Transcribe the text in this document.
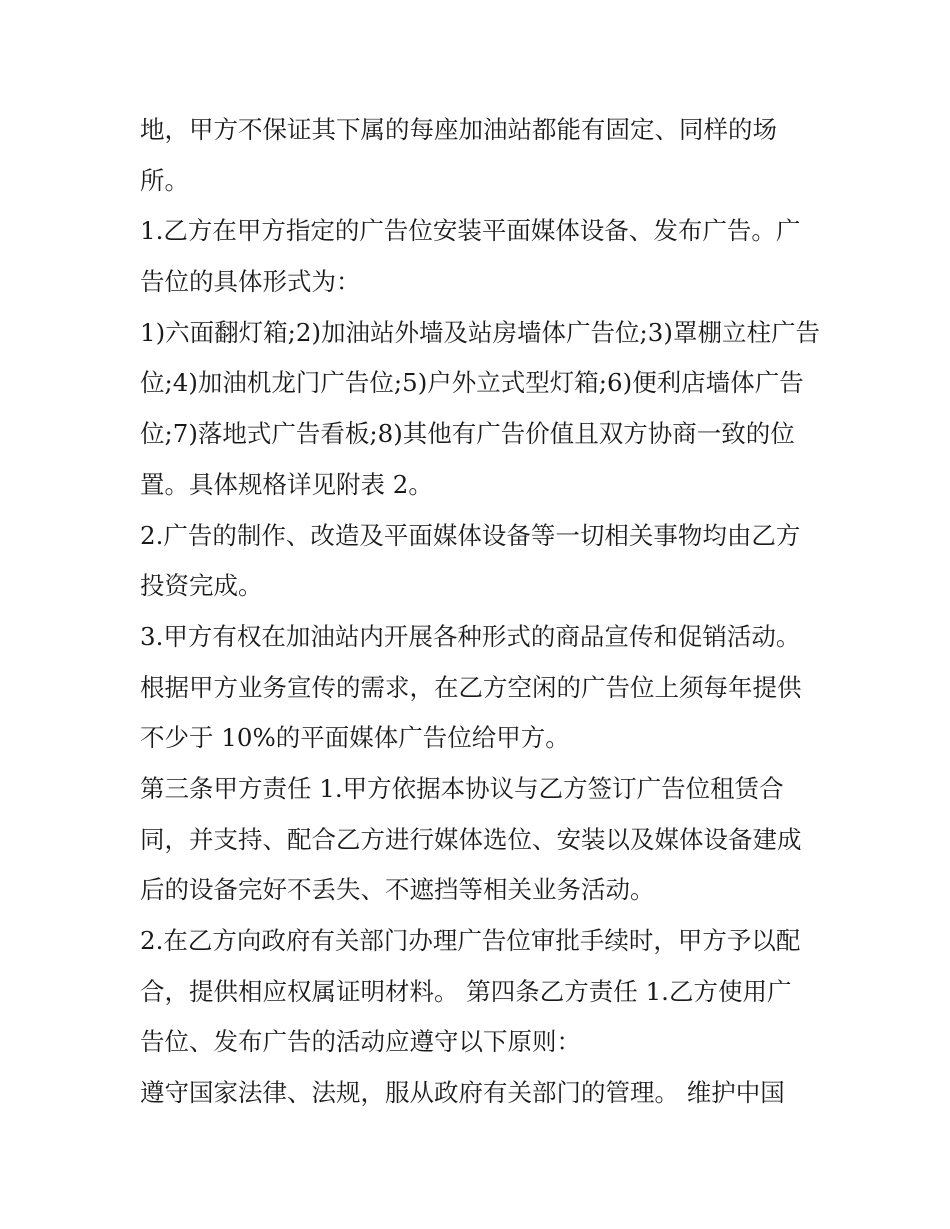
地，甲方不保证其下属的每座加油站都能有固定、同样的场
所。
1.乙方在甲方指定的广告位安装平面媒体设备、发布广告。广
告位的具体形式为：
1)六面翻灯箱;2)加油站外墙及站房墙体广告位;3)罩棚立柱广告
位;4)加油机龙门广告位;5)户外立式型灯箱;6)便利店墙体广告
位;7)落地式广告看板;8)其他有广告价值且双方协商一致的位
置。具体规格详见附表 2。
2.广告的制作、改造及平面媒体设备等一切相关事物均由乙方
投资完成。
3.甲方有权在加油站内开展各种形式的商品宣传和促销活动。
根据甲方业务宣传的需求，在乙方空闲的广告位上须每年提供
不少于 10%的平面媒体广告位给甲方。
第三条甲方责任 1.甲方依据本协议与乙方签订广告位租赁合
同，并支持、配合乙方进行媒体选位、安装以及媒体设备建成
后的设备完好不丢失、不遮挡等相关业务活动。
2.在乙方向政府有关部门办理广告位审批手续时，甲方予以配
合，提供相应权属证明材料。 第四条乙方责任 1.乙方使用广
告位、发布广告的活动应遵守以下原则：
遵守国家法律、法规，服从政府有关部门的管理。 维护中国
